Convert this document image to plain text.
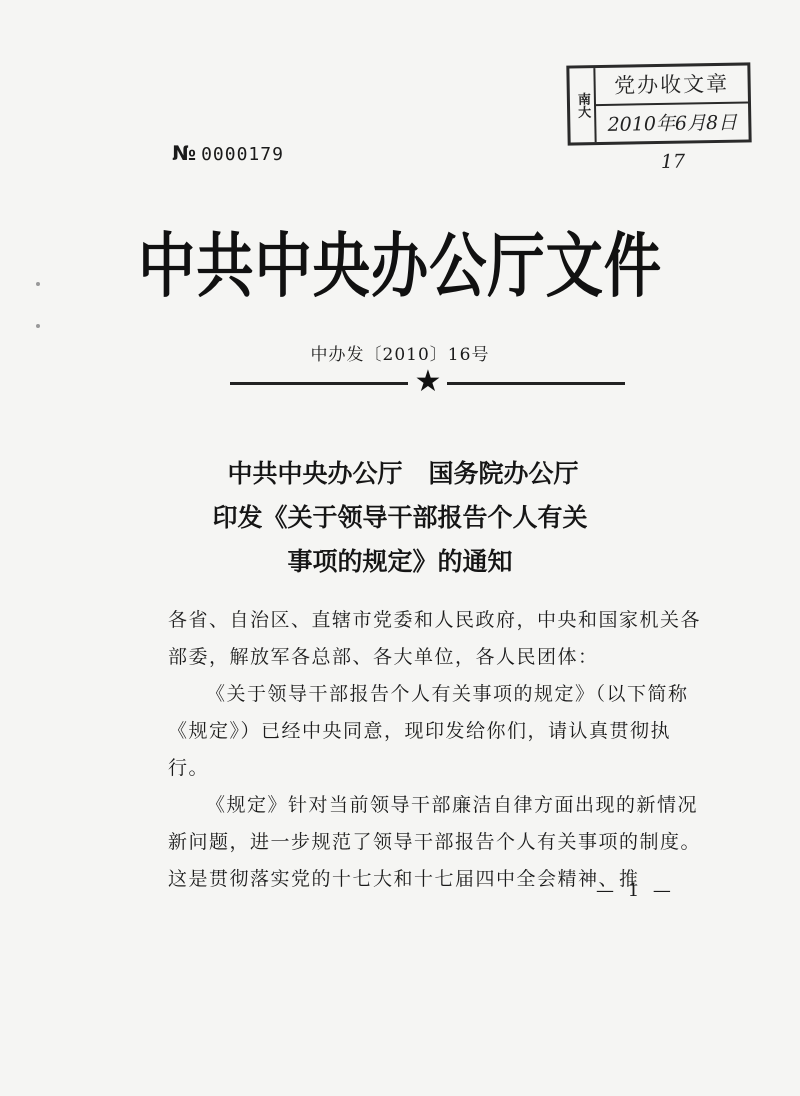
南大
党办收文章
2010年6月8日17
№ 0000179
中共中央办公厅文件
中办发〔2010〕16号
★
中共中央办公厅 国务院办公厅
印发《关于领导干部报告个人有关
事项的规定》的通知

各省、自治区、直辖市党委和人民政府，中央和国家机关各部委，解放军各总部、各大单位，各人民团体：

《关于领导干部报告个人有关事项的规定》（以下简称《规定》）已经中央同意，现印发给你们，请认真贯彻执行。

《规定》针对当前领导干部廉洁自律方面出现的新情况新问题，进一步规范了领导干部报告个人有关事项的制度。这是贯彻落实党的十七大和十七届四中全会精神、推

— 1 —
